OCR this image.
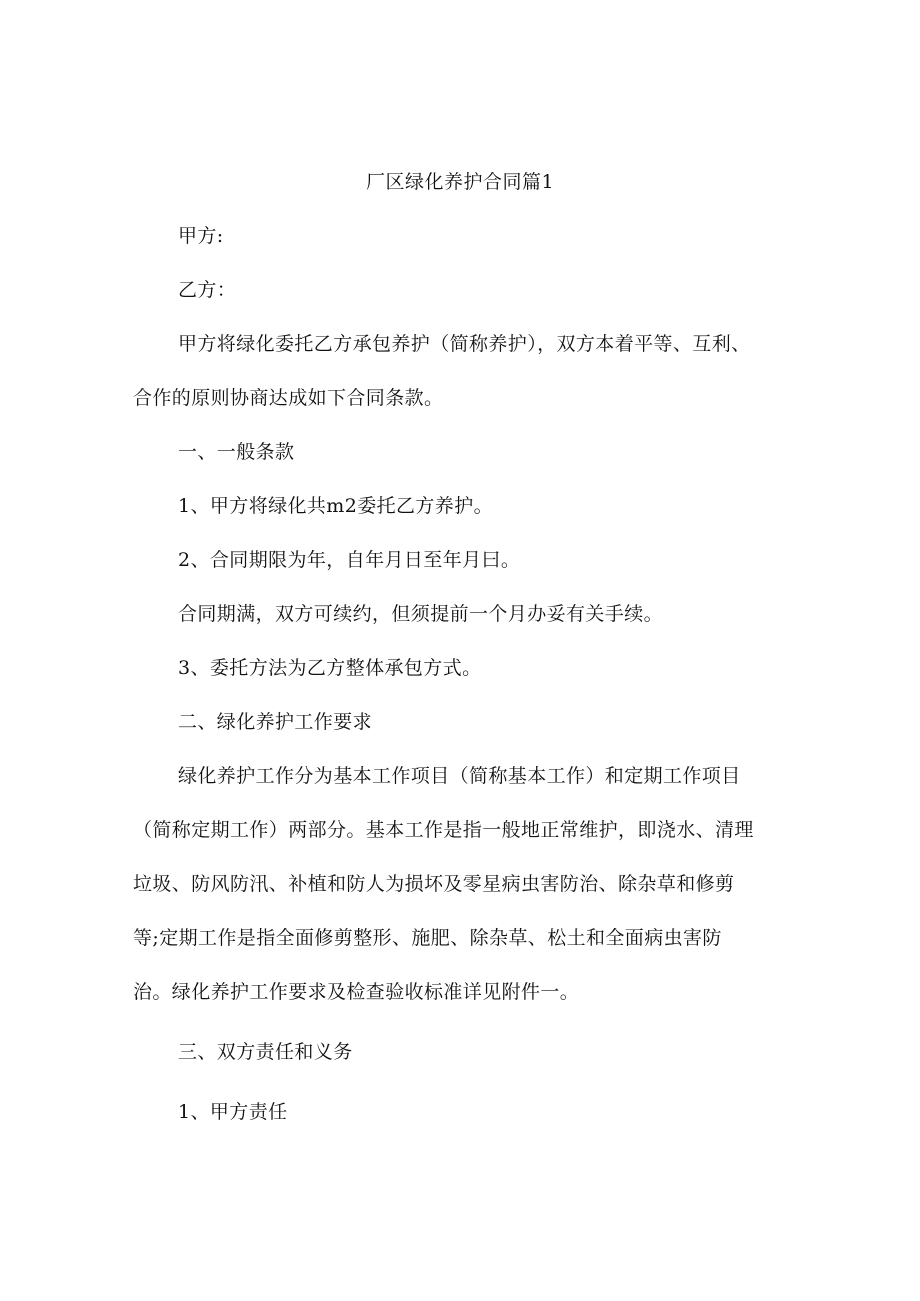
厂区绿化养护合同篇1
甲方:
乙方：
甲方将绿化委托乙方承包养护（简称养护），双方本着平等、互利、
合作的原则协商达成如下合同条款。
一、一般条款
1、甲方将绿化共m2委托乙方养护。
2、合同期限为年，自年月日至年月曰。
合同期满，双方可续约，但须提前一个月办妥有关手续。
3、委托方法为乙方整体承包方式。
二、绿化养护工作要求
绿化养护工作分为基本工作项目（简称基本工作）和定期工作项目
（简称定期工作）两部分。基本工作是指一般地正常维护，即浇水、清理
垃圾、防风防汛、补植和防人为损坏及零星病虫害防治、除杂草和修剪
等;定期工作是指全面修剪整形、施肥、除杂草、松土和全面病虫害防
治。绿化养护工作要求及检查验收标准详见附件一。
三、双方责任和义务
1、甲方责任
